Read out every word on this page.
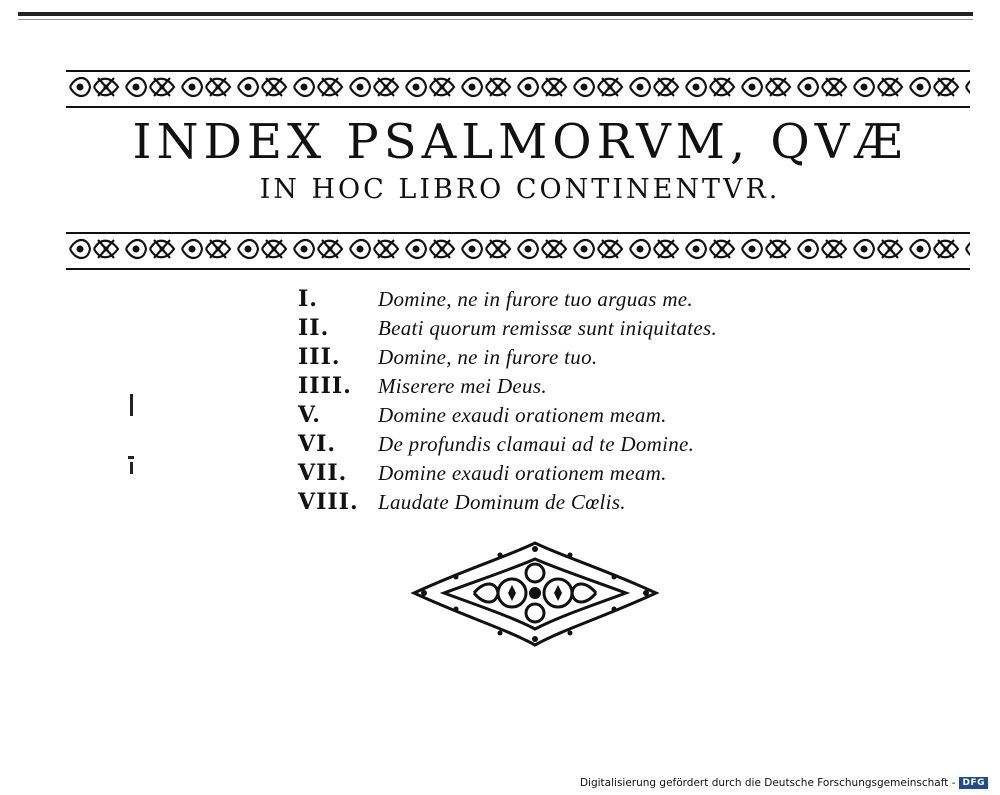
INDEX PSALMORVM, QVÆ
IN HOC LIBRO CONTINENTVR.
I.	Domine, ne in furore tuo arguas me.
II.	Beati quorum remissæ sunt iniquitates.
III.	Domine, ne in furore tuo.
IIII.	Miserere mei Deus.
V.	Domine exaudi orationem meam.
VI.	De profundis clamaui ad te Domine.
VII.	Domine exaudi orationem meam.
VIII. Laudate Dominum de Cœlis.
Digitalisierung gefördert durch die Deutsche Forschungsgemeinschaft - DFG
